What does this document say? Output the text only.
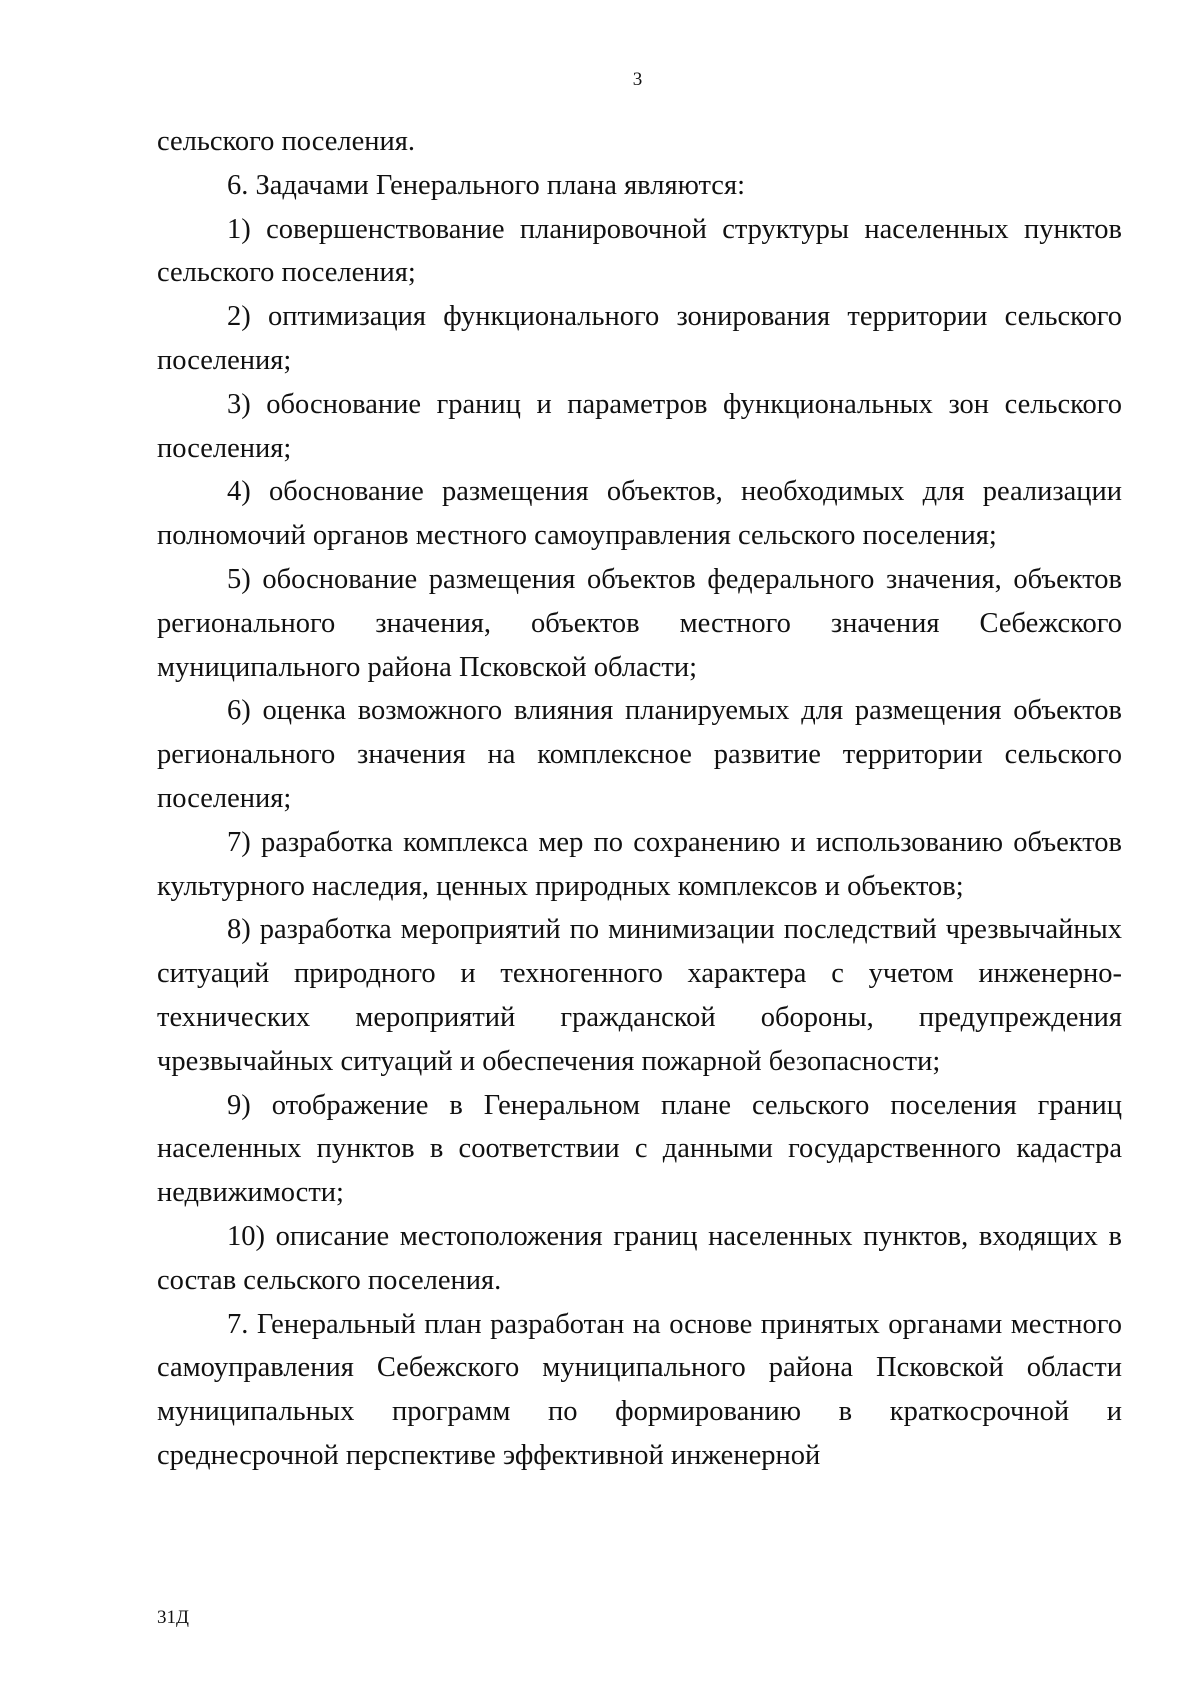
3

сельского поселения.

6. Задачами Генерального плана являются:

1) совершенствование планировочной структуры населенных пунктов сельского поселения;

2) оптимизация функционального зонирования территории сельского поселения;

3) обоснование границ и параметров функциональных зон сельского поселения;

4) обоснование размещения объектов, необходимых для реализации полномочий органов местного самоуправления сельского поселения;

5) обоснование размещения объектов федерального значения, объектов регионального значения, объектов местного значения Себежского муниципального района Псковской области;

6) оценка возможного влияния планируемых для размещения объектов регионального значения на комплексное развитие территории сельского поселения;

7) разработка комплекса мер по сохранению и использованию объектов культурного наследия, ценных природных комплексов и объектов;

8) разработка мероприятий по минимизации последствий чрезвычайных ситуаций природного и техногенного характера с учетом инженерно-технических мероприятий гражданской обороны, предупреждения чрезвычайных ситуаций и обеспечения пожарной безопасности;

9) отображение в Генеральном плане сельского поселения границ населенных пунктов в соответствии с данными государственного кадастра недвижимости;

10) описание местоположения границ населенных пунктов, входящих в состав сельского поселения.

7. Генеральный план разработан на основе принятых органами местного самоуправления Себежского муниципального района Псковской области муниципальных программ по формированию в краткосрочной и среднесрочной перспективе эффективной инженерной

31Д
